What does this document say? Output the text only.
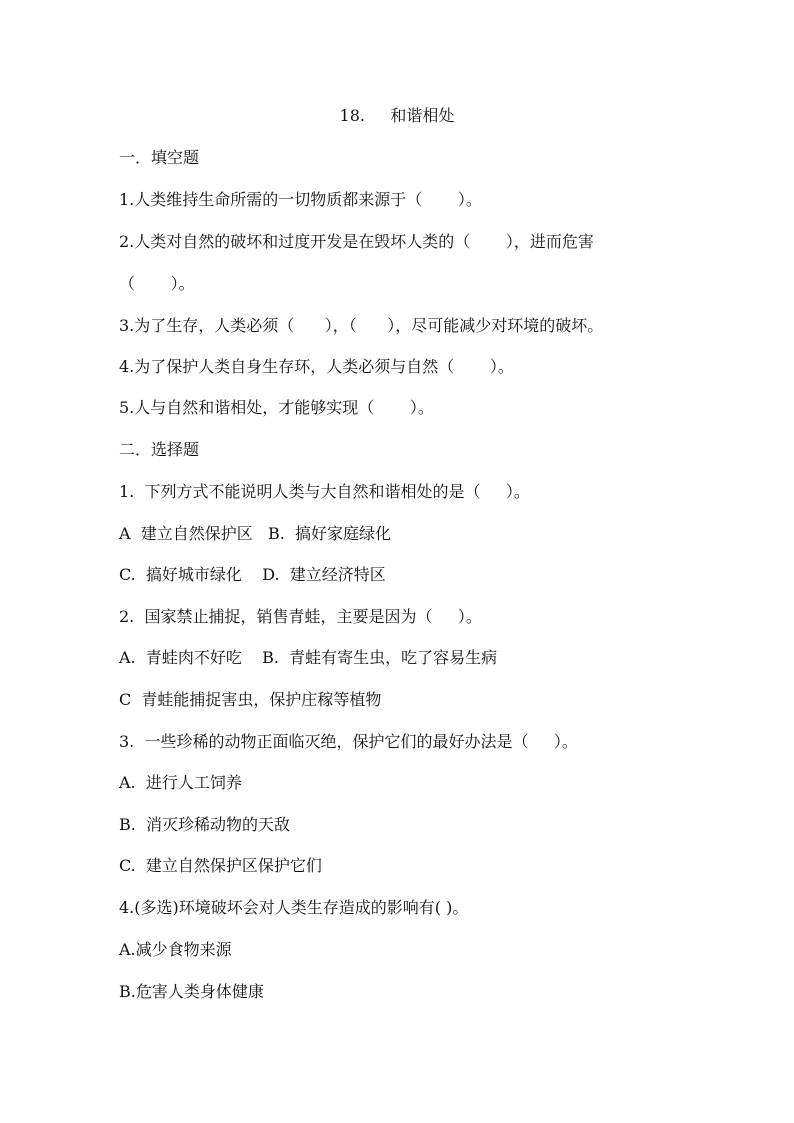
18.     和谐相处
一．填空题
1.人类维持生命所需的一切物质都来源于（       ）。
2.人类对自然的破坏和过度开发是在毁坏人类的（       ），进而危害
（       ）。
3.为了生存，人类必须（      ），（      ），尽可能减少对环境的破坏。
4.为了保护人类自身生存环，人类必须与自然（       ）。
5.人与自然和谐相处，才能够实现（       ）。
二．选择题
1.  下列方式不能说明人类与大自然和谐相处的是（     ）。
A  建立自然保护区   B.  搞好家庭绿化
C.  搞好城市绿化    D.  建立经济特区
2.  国家禁止捕捉，销售青蛙，主要是因为（     ）。
A.  青蛙肉不好吃    B.  青蛙有寄生虫，吃了容易生病
C  青蛙能捕捉害虫，保护庄稼等植物
3.  一些珍稀的动物正面临灭绝，保护它们的最好办法是（     ）。
A.  进行人工饲养
B.  消灭珍稀动物的天敌
C.  建立自然保护区保护它们
4.(多选)环境破坏会对人类生存造成的影响有( )。
A.减少食物来源
B.危害人类身体健康
